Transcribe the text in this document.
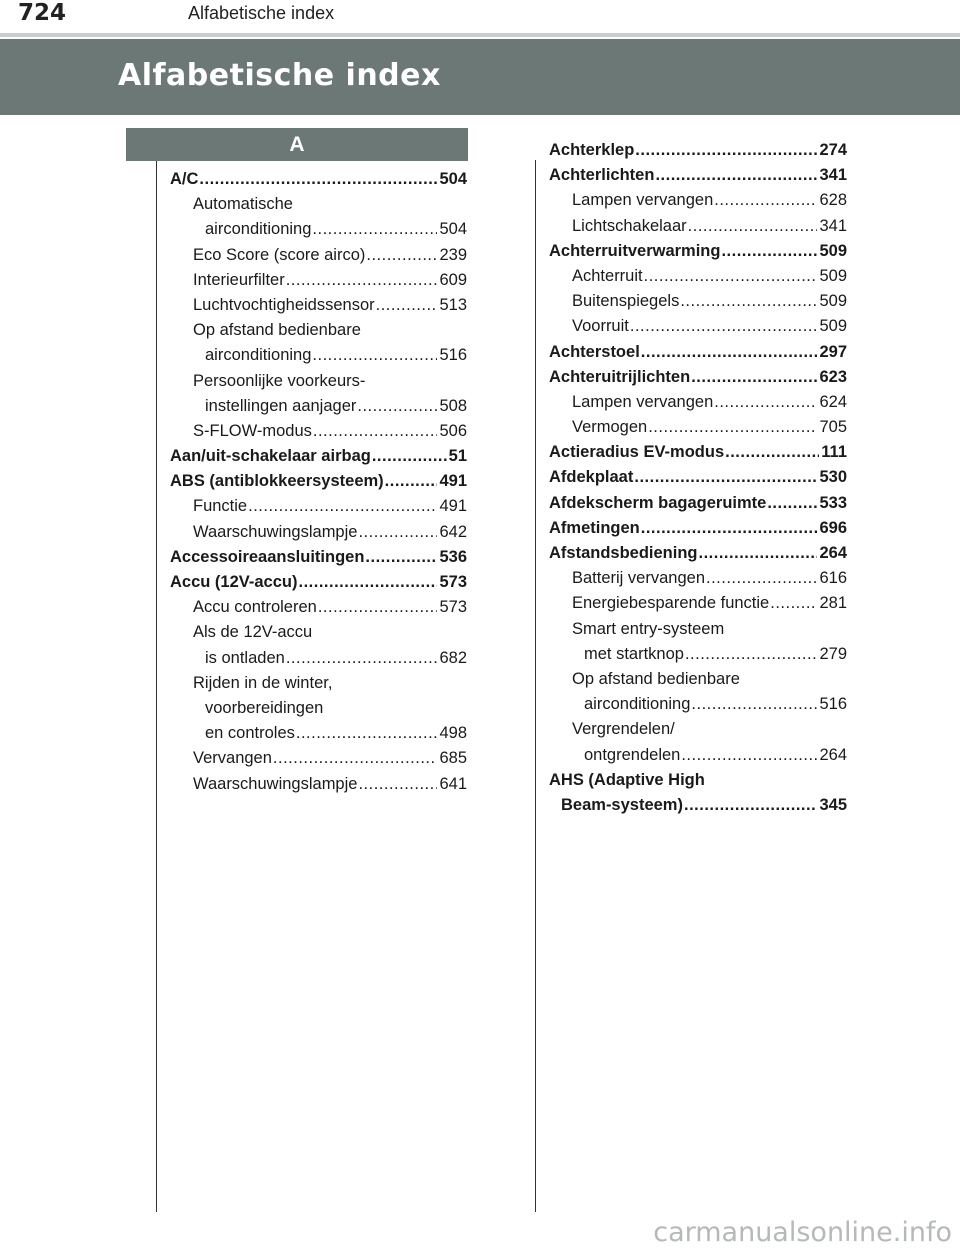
724	Alfabetische index
Alfabetische index
A
A/C .....	504
Automatische
airconditioning .....	504
Eco Score (score airco) .....	239
Interieurfilter .....	609
Luchtvochtigheidssensor .....	513
Op afstand bedienbare
airconditioning .....	516
Persoonlijke voorkeurs-
instellingen aanjager .....	508
S-FLOW-modus .....	506
Aan/uit-schakelaar airbag .....	51
ABS (antiblokkeersysteem) .....	491
Functie .....	491
Waarschuwingslampje .....	642
Accessoireaansluitingen .....	536
Accu (12V-accu) .....	573
Accu controleren .....	573
Als de 12V-accu
is ontladen .....	682
Rijden in de winter,
voorbereidingen
en controles .....	498
Vervangen .....	685
Waarschuwingslampje .....	641
Achterklep .....	274
Achterlichten .....	341
Lampen vervangen .....	628
Lichtschakelaar .....	341
Achterruitverwarming .....	509
Achterruit .....	509
Buitenspiegels .....	509
Voorruit .....	509
Achterstoel .....	297
Achteruitrijlichten .....	623
Lampen vervangen .....	624
Vermogen .....	705
Actieradius EV-modus .....	111
Afdekplaat .....	530
Afdekscherm bagageruimte .....	533
Afmetingen .....	696
Afstandsbediening .....	264
Batterij vervangen .....	616
Energiebesparende functie .....	281
Smart entry-systeem
met startknop .....	279
Op afstand bedienbare
airconditioning .....	516
Vergrendelen/
ontgrendelen .....	264
AHS (Adaptive High
Beam-systeem) .....	345
carmanualsonline.info
